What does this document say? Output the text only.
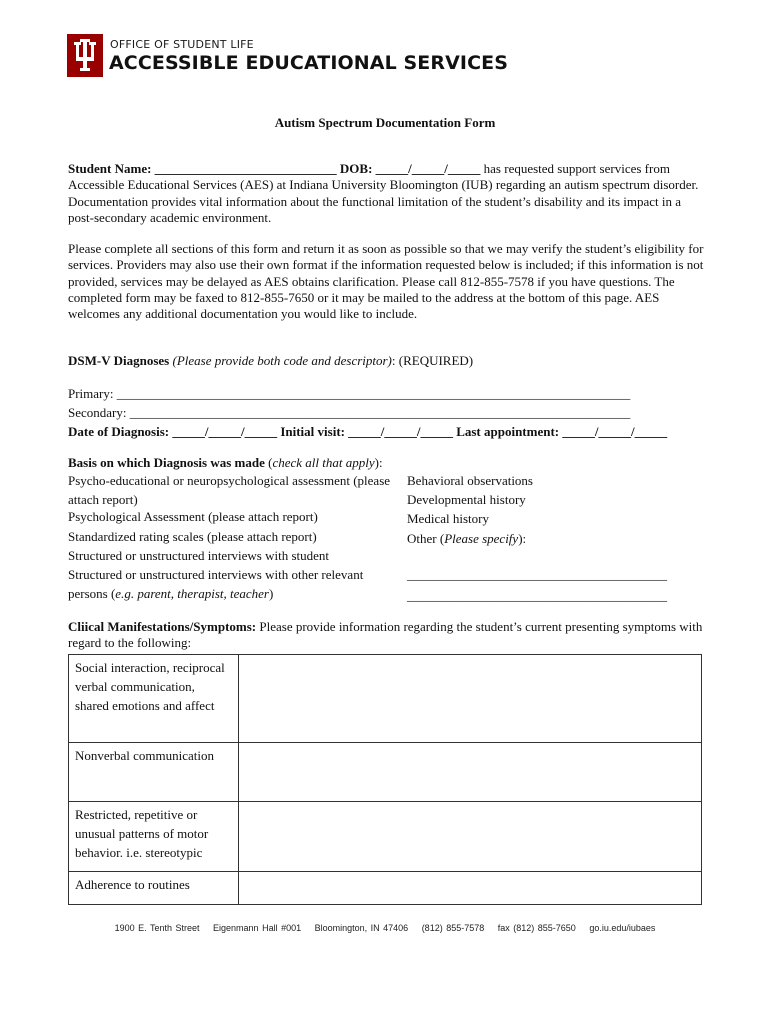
OFFICE OF STUDENT LIFE
ACCESSIBLE EDUCATIONAL SERVICES
Autism Spectrum Documentation Form
Student Name: ____________________________ DOB: _____/_____/_____ has requested support services from Accessible Educational Services (AES) at Indiana University Bloomington (IUB) regarding an autism spectrum disorder. Documentation provides vital information about the functional limitation of the student’s disability and its impact in a post-secondary academic environment.
Please complete all sections of this form and return it as soon as possible so that we may verify the student’s eligibility for services. Providers may also use their own format if the information requested below is included; if this information is not provided, services may be delayed as AES obtains clarification. Please call 812-855-7578 if you have questions. The completed form may be faxed to 812-855-7650 or it may be mailed to the address at the bottom of this page. AES welcomes any additional documentation you would like to include.
DSM-V Diagnoses (Please provide both code and descriptor): (REQUIRED)
Primary: _______________________________________________________________________________
Secondary: _____________________________________________________________________________
Date of Diagnosis: _____/_____/_____ Initial visit: _____/_____/_____ Last appointment: _____/_____/_____
Basis on which Diagnosis was made (check all that apply):
Psycho-educational or neuropsychological assessment (please attach report)
Psychological Assessment (please attach report)
Standardized rating scales (please attach report)
Structured or unstructured interviews with student
Structured or unstructured interviews with other relevant persons (e.g. parent, therapist, teacher)
Behavioral observations
Developmental history
Medical history
Other (Please specify):
________________________________________
________________________________________
Cliical Manifestations/Symptoms: Please provide information regarding the student’s current presenting symptoms with regard to the following:
Social interaction, reciprocal verbal communication, shared emotions and affect	
Nonverbal communication	
Restricted, repetitive or unusual patterns of motor behavior. i.e. stereotypic	
Adherence to routines	
1900 E. Tenth Street Eigenmann Hall #001 Bloomington, IN 47406 (812) 855-7578 fax (812) 855-7650 go.iu.edu/iubaes
